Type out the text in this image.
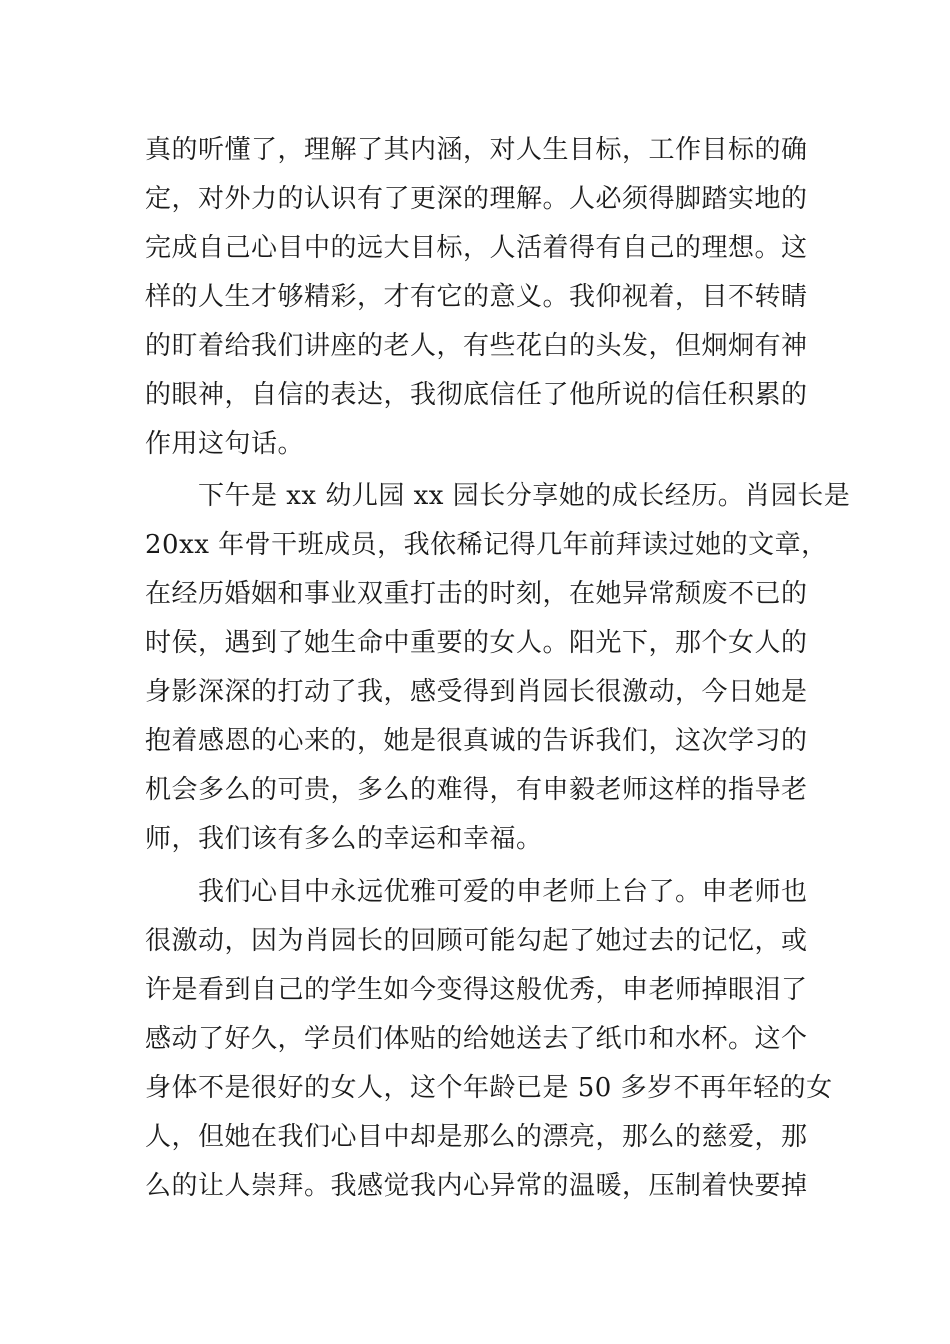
真的听懂了，理解了其内涵，对人生目标，工作目标的确
定，对外力的认识有了更深的理解。人必须得脚踏实地的
完成自己心目中的远大目标，人活着得有自己的理想。这
样的人生才够精彩，才有它的意义。我仰视着，目不转睛
的盯着给我们讲座的老人，有些花白的头发，但炯炯有神
的眼神，自信的表达，我彻底信任了他所说的信任积累的
作用这句话。
　　下午是 xx 幼儿园 xx 园长分享她的成长经历。肖园长是
20xx 年骨干班成员，我依稀记得几年前拜读过她的文章，
在经历婚姻和事业双重打击的时刻，在她异常颓废不已的
时侯，遇到了她生命中重要的女人。阳光下，那个女人的
身影深深的打动了我，感受得到肖园长很激动，今日她是
抱着感恩的心来的，她是很真诚的告诉我们，这次学习的
机会多么的可贵，多么的难得，有申毅老师这样的指导老
师，我们该有多么的幸运和幸福。
　　我们心目中永远优雅可爱的申老师上台了。申老师也
很激动，因为肖园长的回顾可能勾起了她过去的记忆，或
许是看到自己的学生如今变得这般优秀，申老师掉眼泪了
感动了好久，学员们体贴的给她送去了纸巾和水杯。这个
身体不是很好的女人，这个年龄已是 50 多岁不再年轻的女
人，但她在我们心目中却是那么的漂亮，那么的慈爱，那
么的让人崇拜。我感觉我内心异常的温暖，压制着快要掉
